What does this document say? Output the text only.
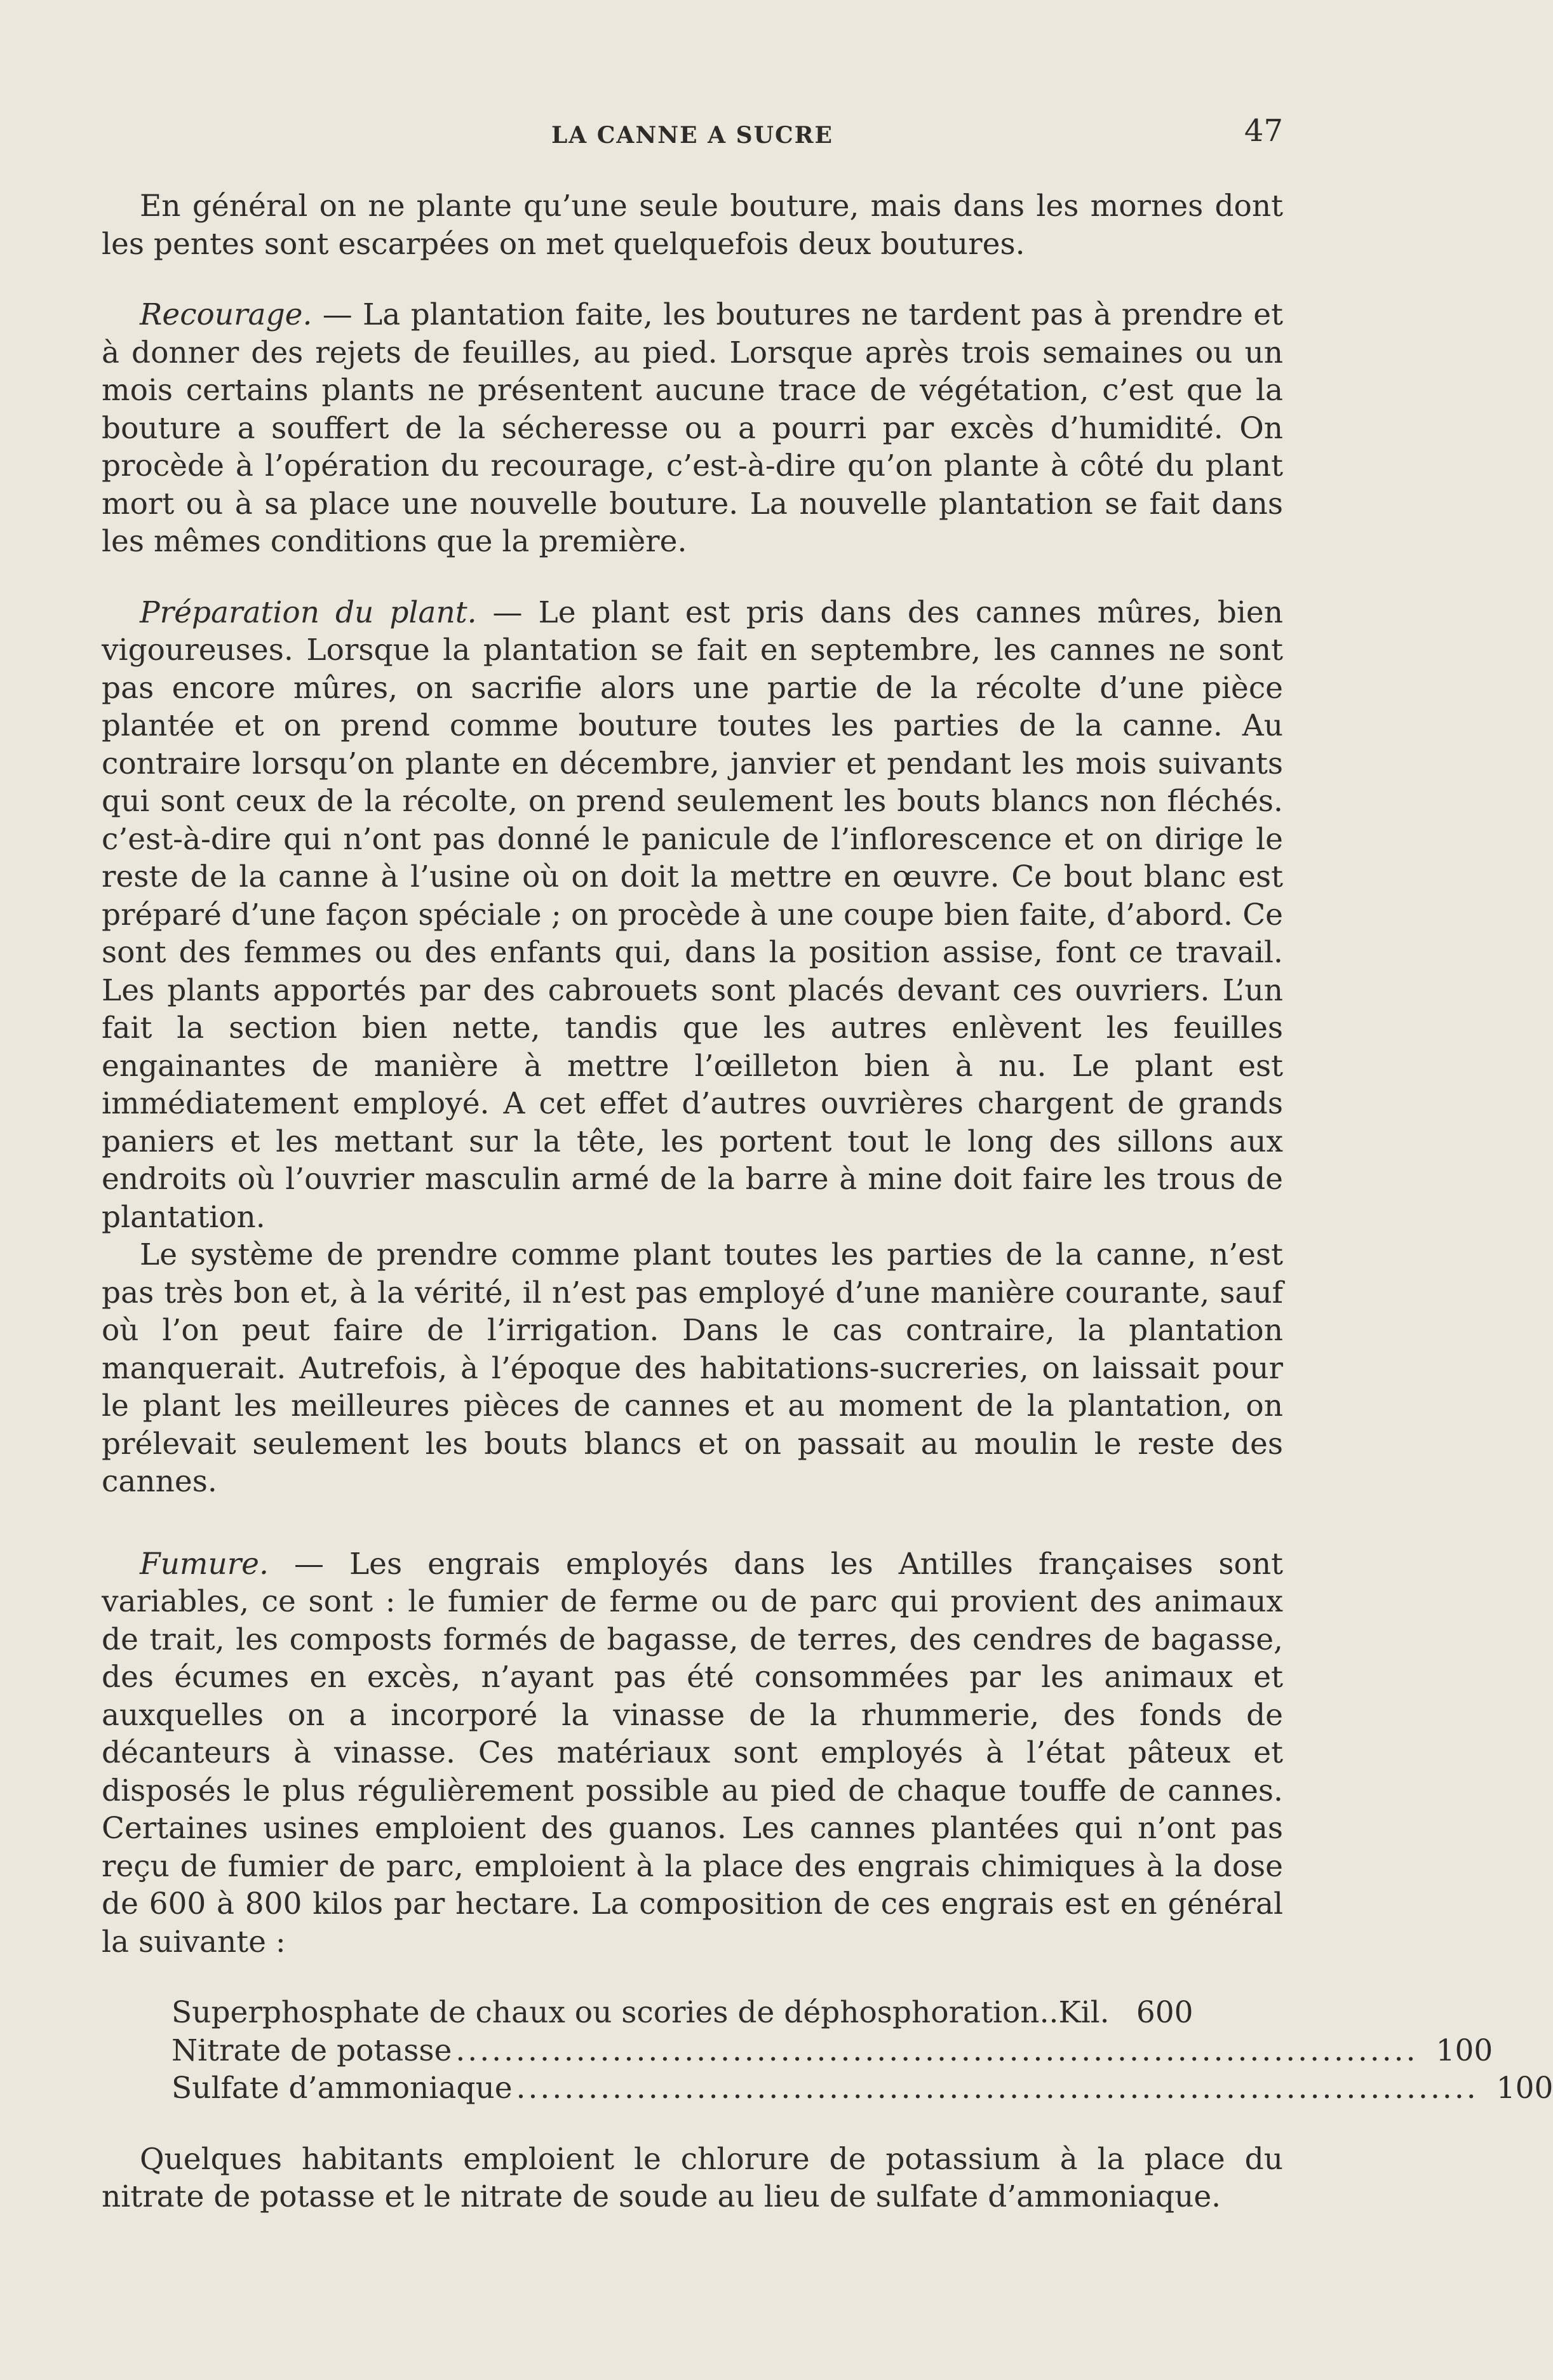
LA CANNE A SUCRE	47

En général on ne plante qu’une seule bouture, mais dans les mornes dont les pentes sont escarpées on met quelquefois deux boutures.

Recourage. — La plantation faite, les boutures ne tardent pas à prendre et à donner des rejets de feuilles, au pied. Lorsque après trois semaines ou un mois certains plants ne présentent aucune trace de végétation, c’est que la bouture a souffert de la sécheresse ou a pourri par excès d’humidité. On procède à l’opération du recourage, c’est-à-dire qu’on plante à côté du plant mort ou à sa place une nouvelle bouture. La nouvelle plantation se fait dans les mêmes conditions que la première.

Préparation du plant. — Le plant est pris dans des cannes mûres, bien vigoureuses. Lorsque la plantation se fait en septembre, les cannes ne sont pas encore mûres, on sacrifie alors une partie de la récolte d’une pièce plantée et on prend comme bouture toutes les parties de la canne. Au contraire lorsqu’on plante en décembre, janvier et pendant les mois suivants qui sont ceux de la récolte, on prend seulement les bouts blancs non fléchés. c’est-à-dire qui n’ont pas donné le panicule de l’inflorescence et on dirige le reste de la canne à l’usine où on doit la mettre en œuvre. Ce bout blanc est préparé d’une façon spéciale ; on procède à une coupe bien faite, d’abord. Ce sont des femmes ou des enfants qui, dans la position assise, font ce travail. Les plants apportés par des cabrouets sont placés devant ces ouvriers. L’un fait la section bien nette, tandis que les autres enlèvent les feuilles engainantes de manière à mettre l’œilleton bien à nu. Le plant est immédiatement employé. A cet effet d’autres ouvrières chargent de grands paniers et les mettant sur la tête, les portent tout le long des sillons aux endroits où l’ouvrier masculin armé de la barre à mine doit faire les trous de plantation.

Le système de prendre comme plant toutes les parties de la canne, n’est pas très bon et, à la vérité, il n’est pas employé d’une manière courante, sauf où l’on peut faire de l’irrigation. Dans le cas contraire, la plantation manquerait. Autrefois, à l’époque des habitations-sucreries, on laissait pour le plant les meilleures pièces de cannes et au moment de la plantation, on prélevait seulement les bouts blancs et on passait au moulin le reste des cannes.

Fumure. — Les engrais employés dans les Antilles françaises sont variables, ce sont : le fumier de ferme ou de parc qui provient des animaux de trait, les composts formés de bagasse, de terres, des cendres de bagasse, des écumes en excès, n’ayant pas été consommées par les animaux et auxquelles on a incorporé la vinasse de la rhummerie, des fonds de décanteurs à vinasse. Ces matériaux sont employés à l’état pâteux et disposés le plus régulièrement possible au pied de chaque touffe de cannes. Certaines usines emploient des guanos. Les cannes plantées qui n’ont pas reçu de fumier de parc, emploient à la place des engrais chimiques à la dose de 600 à 800 kilos par hectare. La composition de ces engrais est en général la suivante :

Superphosphate de chaux ou scories de déphosphoration .. Kil. 600
Nitrate de potasse ................................................................................ 100
Sulfate d’ammoniaque ................................................................................ 100

Quelques habitants emploient le chlorure de potassium à la place du nitrate de potasse et le nitrate de soude au lieu de sulfate d’ammoniaque.
